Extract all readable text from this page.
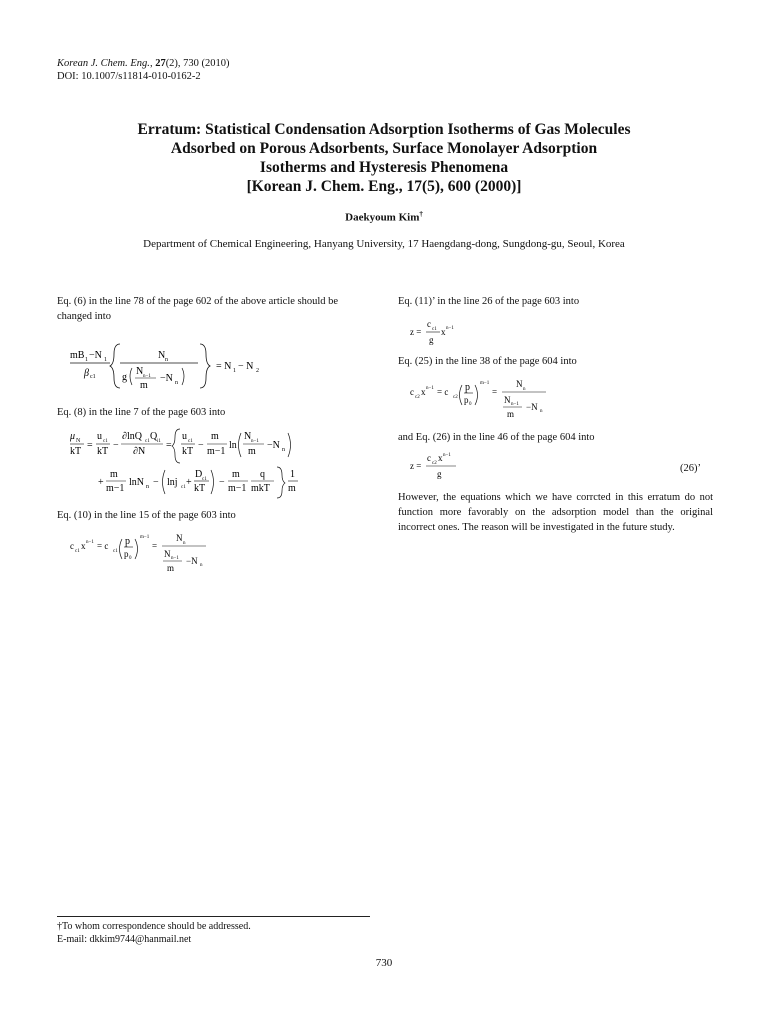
Korean J. Chem. Eng., 27(2), 730 (2010)
DOI: 10.1007/s11814-010-0162-2
Erratum: Statistical Condensation Adsorption Isotherms of Gas Molecules
Adsorbed on Porous Adsorbents, Surface Monolayer Adsorption
Isotherms and Hysteresis Phenomena
[Korean J. Chem. Eng., 17(5), 600 (2000)]
Daekyoum Kim†
Department of Chemical Engineering, Hanyang University, 17 Haengdang-dong, Sungdong-gu, Seoul, Korea
Eq. (6) in the line 78 of the page 602 of the above article should be changed into
mB 1 −N 1
β c1
N n
g
N n−1
m
−N n
= N 1 − N 2
Eq. (8) in the line 7 of the page 603 into
μ N
kT
=
u c1
kT
−
∂lnQ c1 Q i1
∂N
=
u c1
kT
−
m
m−1
ln
N n−1
m
−N n
+
m
m−1
lnN n − lnj c1 +
D c1
kT
−
m
m−1
q
mkT
1
m
Eq. (10) in the line 15 of the page 603 into
c
c1
x n−1 = c
c1
p
p 0
m−1
=
N
n
N n−1
m
−N n
Eq. (11)’ in the line 26 of the page 603 into
z =
c
c1
g
x n−1
Eq. (25) in the line 38 of the page 604 into
c
c2
x n−1 = c
c2
p
p 0
m−1
=
N
n
N n−1
m
−N n
and Eq. (26) in the line 46 of the page 604 into
z =
c
c2
x n−1
g	(26)’
However, the equations which we have corrcted in this erratum do not function more favorably on the adsorption model than the original incorrect ones. The reason will be investigated in the future study.
†To whom correspondence should be addressed.
E-mail: dkkim9744@hanmail.net
730
